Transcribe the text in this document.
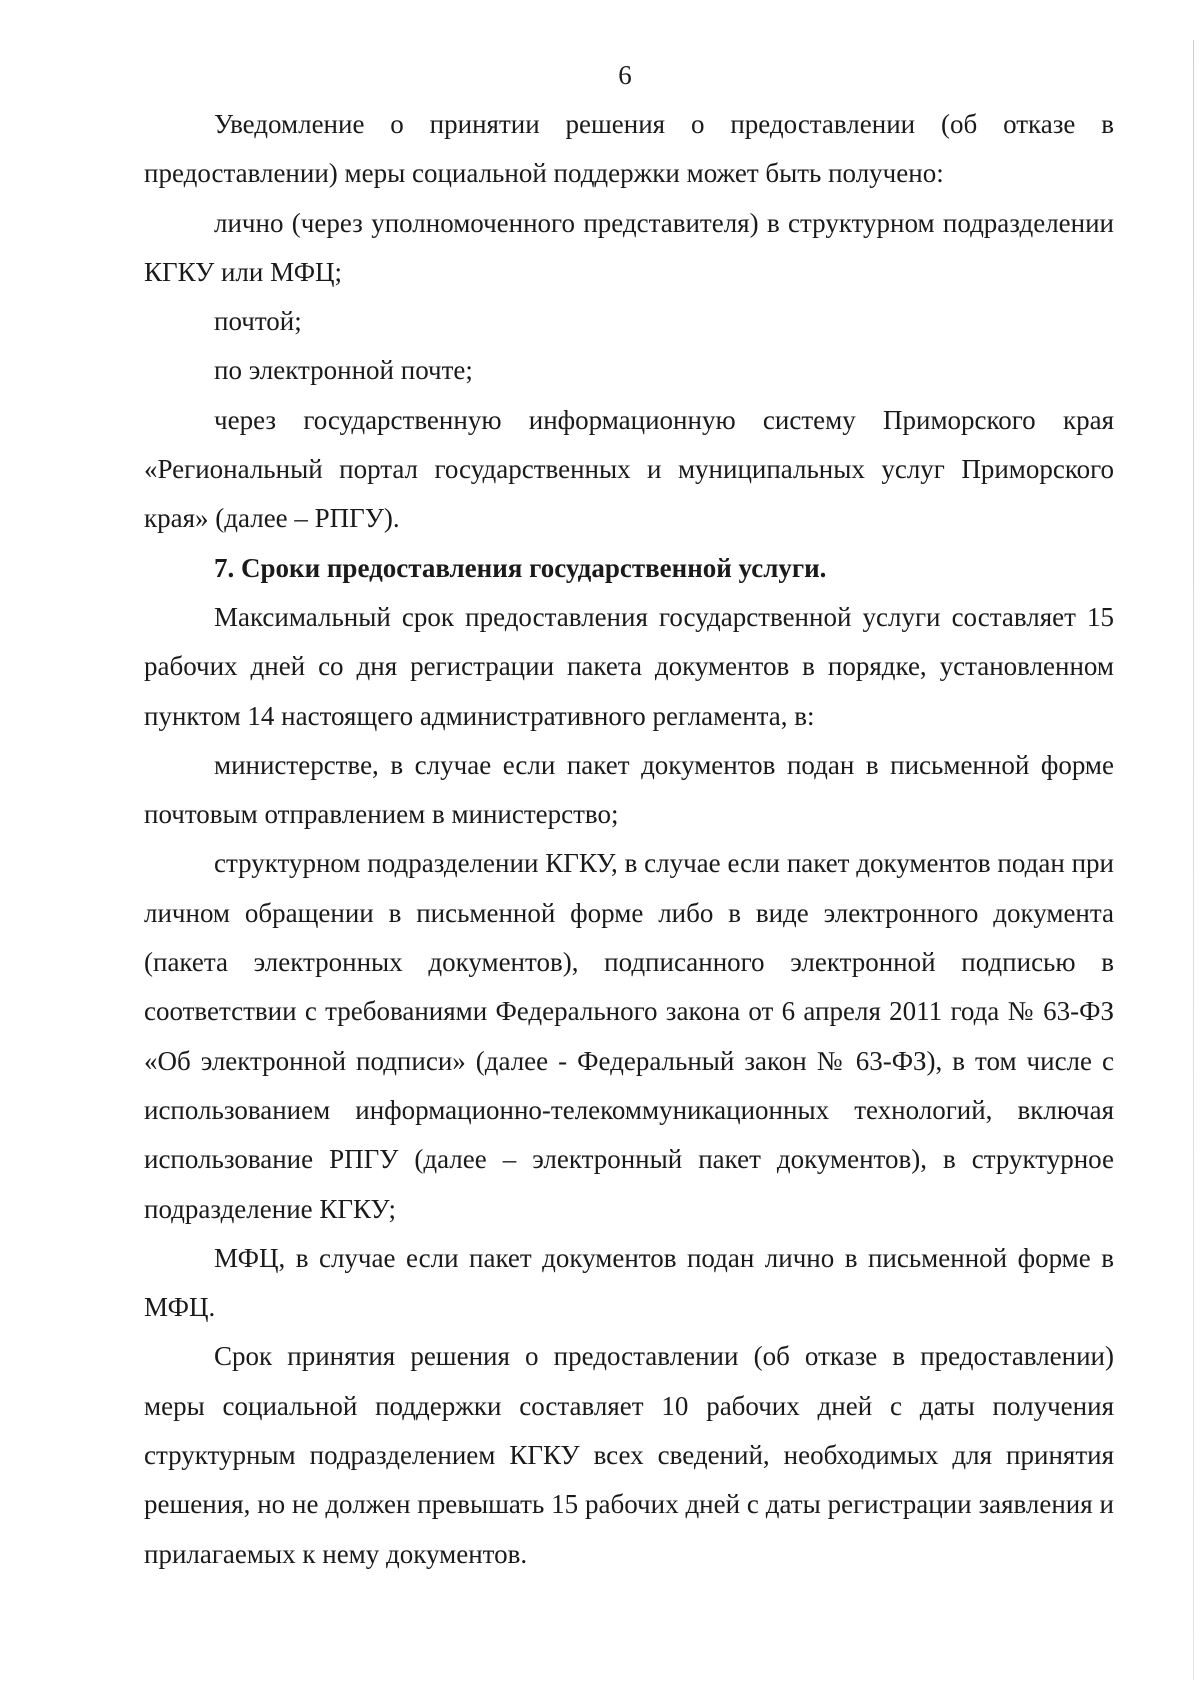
6

Уведомление о принятии решения о предоставлении (об отказе в предоставлении) меры социальной поддержки может быть получено:

лично (через уполномоченного представителя) в структурном подразделении КГКУ или МФЦ;

почтой;

по электронной почте;

через государственную информационную систему Приморского края «Региональный портал государственных и муниципальных услуг Приморского края» (далее – РПГУ).

7. Сроки предоставления государственной услуги.

Максимальный срок предоставления государственной услуги составляет 15 рабочих дней со дня регистрации пакета документов в порядке, установленном пунктом 14 настоящего административного регламента, в:

министерстве, в случае если пакет документов подан в письменной форме почтовым отправлением в министерство;

структурном подразделении КГКУ, в случае если пакет документов подан при личном обращении в письменной форме либо в виде электронного документа (пакета электронных документов), подписанного электронной подписью в соответствии с требованиями Федерального закона от 6 апреля 2011 года № 63-ФЗ «Об электронной подписи» (далее - Федеральный закон № 63-ФЗ), в том числе с использованием информационно-телекоммуникационных технологий, включая использование РПГУ (далее – электронный пакет документов), в структурное подразделение КГКУ;

МФЦ, в случае если пакет документов подан лично в письменной форме в МФЦ.

Срок принятия решения о предоставлении (об отказе в предоставлении) меры социальной поддержки составляет 10 рабочих дней с даты получения структурным подразделением КГКУ всех сведений, необходимых для принятия решения, но не должен превышать 15 рабочих дней с даты регистрации заявления и прилагаемых к нему документов.
